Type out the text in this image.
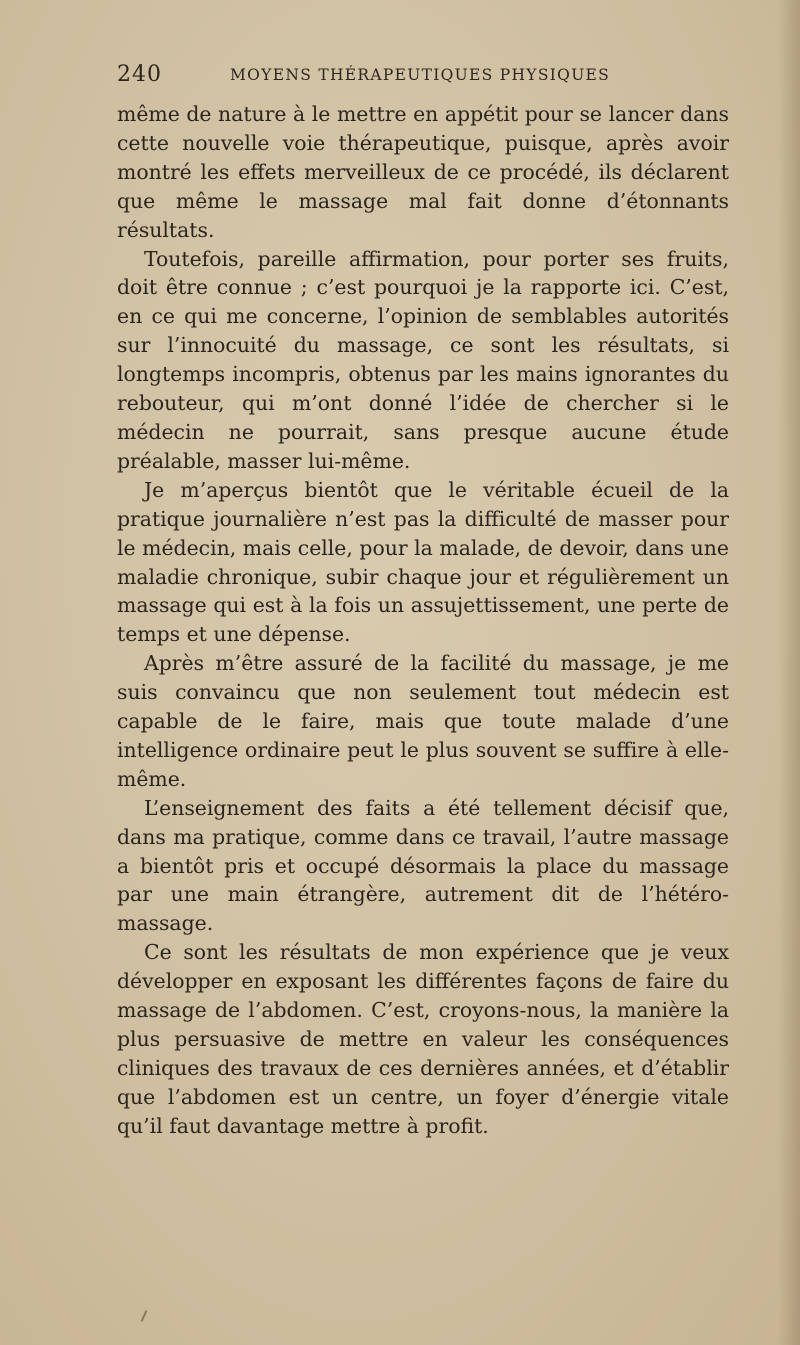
240	MOYENS THÉRAPEUTIQUES PHYSIQUES

même de nature à le mettre en appétit pour se lancer dans cette nouvelle voie thérapeutique, puisque, après avoir montré les effets merveilleux de ce procédé, ils déclarent que même le massage mal fait donne d’étonnants résultats.

Toutefois, pareille affirmation, pour porter ses fruits, doit être connue ; c’est pourquoi je la rapporte ici. C’est, en ce qui me concerne, l’opinion de semblables autorités sur l’innocuité du massage, ce sont les résultats, si longtemps incompris, obtenus par les mains ignorantes du rebouteur, qui m’ont donné l’idée de chercher si le médecin ne pourrait, sans presque aucune étude préalable, masser lui-même.

Je m’aperçus bientôt que le véritable écueil de la pratique journalière n’est pas la difficulté de masser pour le médecin, mais celle, pour la malade, de devoir, dans une maladie chronique, subir chaque jour et régulièrement un massage qui est à la fois un assujettissement, une perte de temps et une dépense.

Après m’être assuré de la facilité du massage, je me suis convaincu que non seulement tout médecin est capable de le faire, mais que toute malade d’une intelligence ordinaire peut le plus souvent se suffire à elle-même.

L’enseignement des faits a été tellement décisif que, dans ma pratique, comme dans ce travail, l’autre massage a bientôt pris et occupé désormais la place du massage par une main étrangère, autrement dit de l’hétéro-massage.

Ce sont les résultats de mon expérience que je veux développer en exposant les différentes façons de faire du massage de l’abdomen. C’est, croyons-nous, la manière la plus persuasive de mettre en valeur les conséquences cliniques des travaux de ces dernières années, et d’établir que l’abdomen est un centre, un foyer d’énergie vitale qu’il faut davantage mettre à profit.
